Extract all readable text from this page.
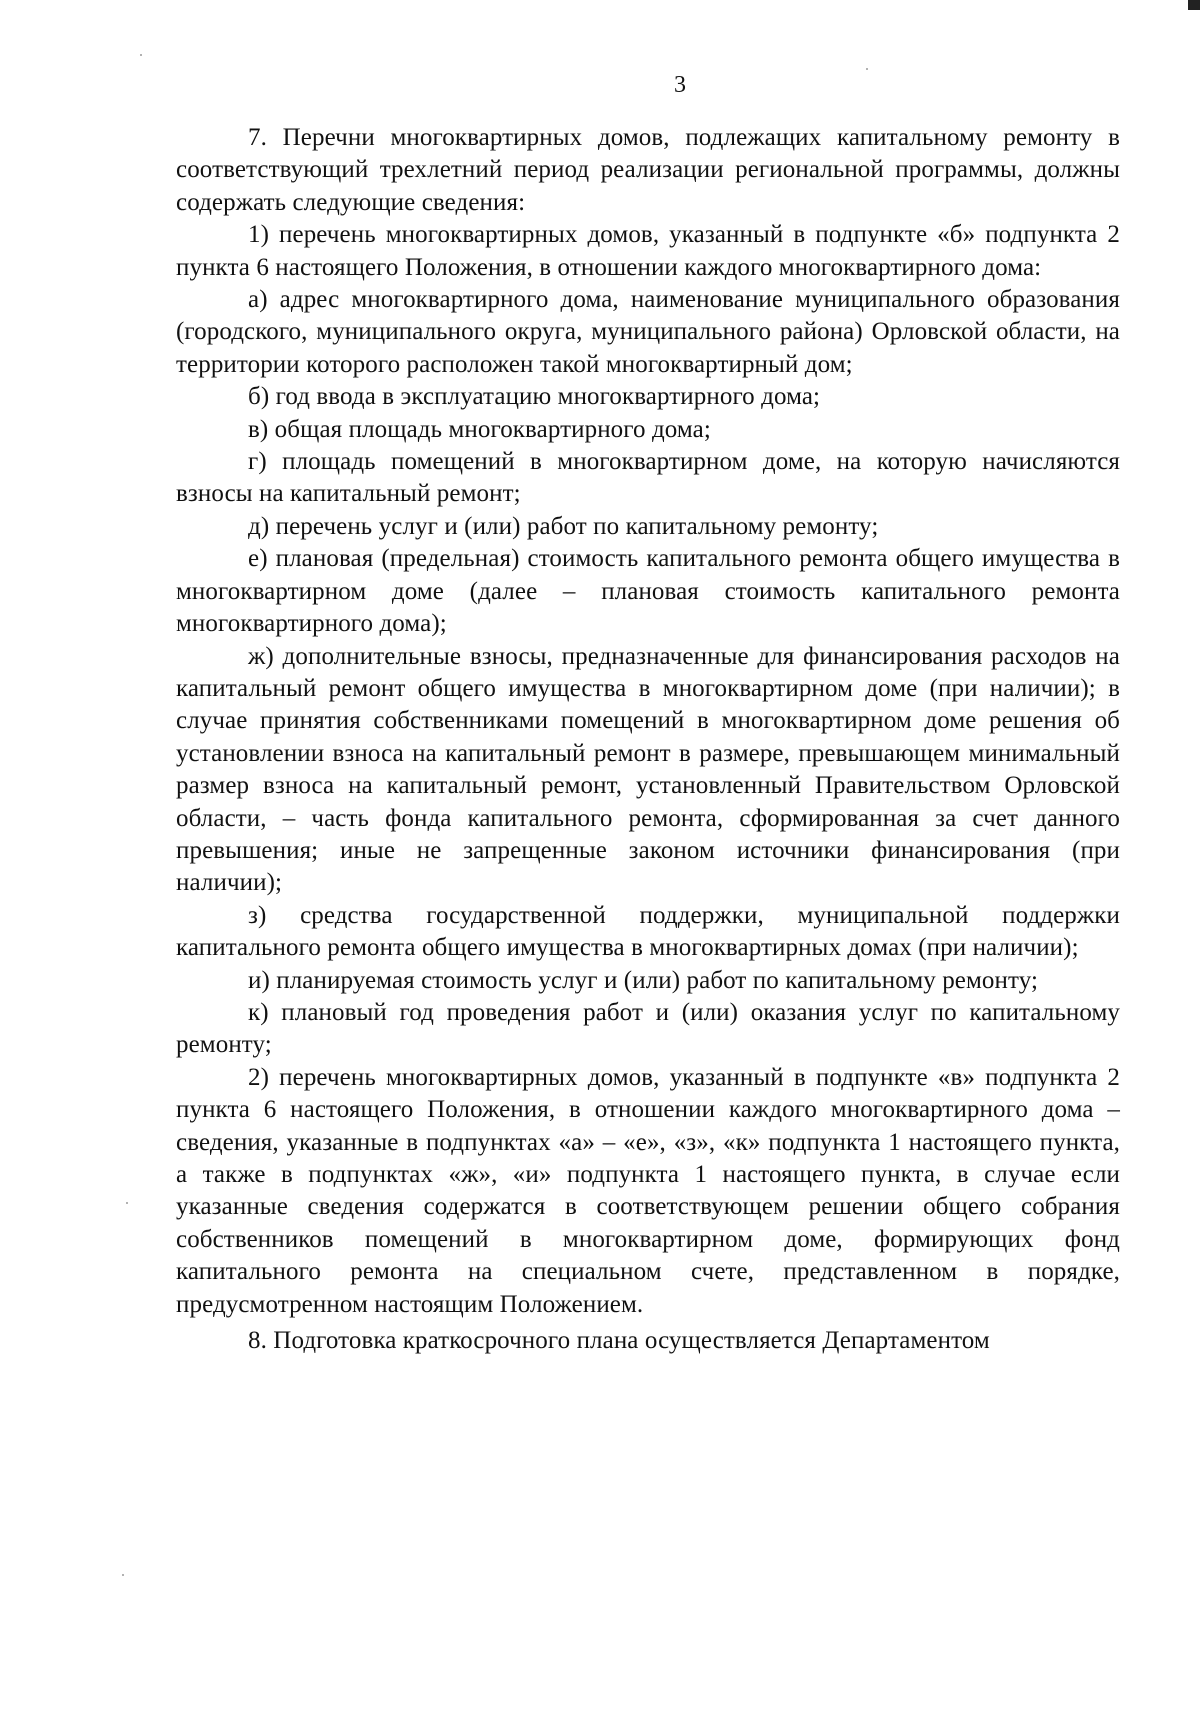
3

7. Перечни многоквартирных домов, подлежащих капитальному ремонту в соответствующий трехлетний период реализации региональной программы, должны содержать следующие сведения:

1) перечень многоквартирных домов, указанный в подпункте «б» подпункта 2 пункта 6 настоящего Положения, в отношении каждого многоквартирного дома:

а) адрес многоквартирного дома, наименование муниципального образования (городского, муниципального округа, муниципального района) Орловской области, на территории которого расположен такой многоквартирный дом;

б) год ввода в эксплуатацию многоквартирного дома;

в) общая площадь многоквартирного дома;

г) площадь помещений в многоквартирном доме, на которую начисляются взносы на капитальный ремонт;

д) перечень услуг и (или) работ по капитальному ремонту;

е) плановая (предельная) стоимость капитального ремонта общего имущества в многоквартирном доме (далее – плановая стоимость капитального ремонта многоквартирного дома);

ж) дополнительные взносы, предназначенные для финансирования расходов на капитальный ремонт общего имущества в многоквартирном доме (при наличии); в случае принятия собственниками помещений в многоквартирном доме решения об установлении взноса на капитальный ремонт в размере, превышающем минимальный размер взноса на капитальный ремонт, установленный Правительством Орловской области, – часть фонда капитального ремонта, сформированная за счет данного превышения; иные не запрещенные законом источники финансирования (при наличии);

з) средства государственной поддержки, муниципальной поддержки капитального ремонта общего имущества в многоквартирных домах (при наличии);

и) планируемая стоимость услуг и (или) работ по капитальному ремонту;

к) плановый год проведения работ и (или) оказания услуг по капитальному ремонту;

2) перечень многоквартирных домов, указанный в подпункте «в» подпункта 2 пункта 6 настоящего Положения, в отношении каждого многоквартирного дома – сведения, указанные в подпунктах «а» – «е», «з», «к» подпункта 1 настоящего пункта, а также в подпунктах «ж», «и» подпункта 1 настоящего пункта, в случае если указанные сведения содержатся в соответствующем решении общего собрания собственников помещений в многоквартирном доме, формирующих фонд капитального ремонта на специальном счете, представленном в порядке, предусмотренном настоящим Положением.

8. Подготовка краткосрочного плана осуществляется Департаментом
